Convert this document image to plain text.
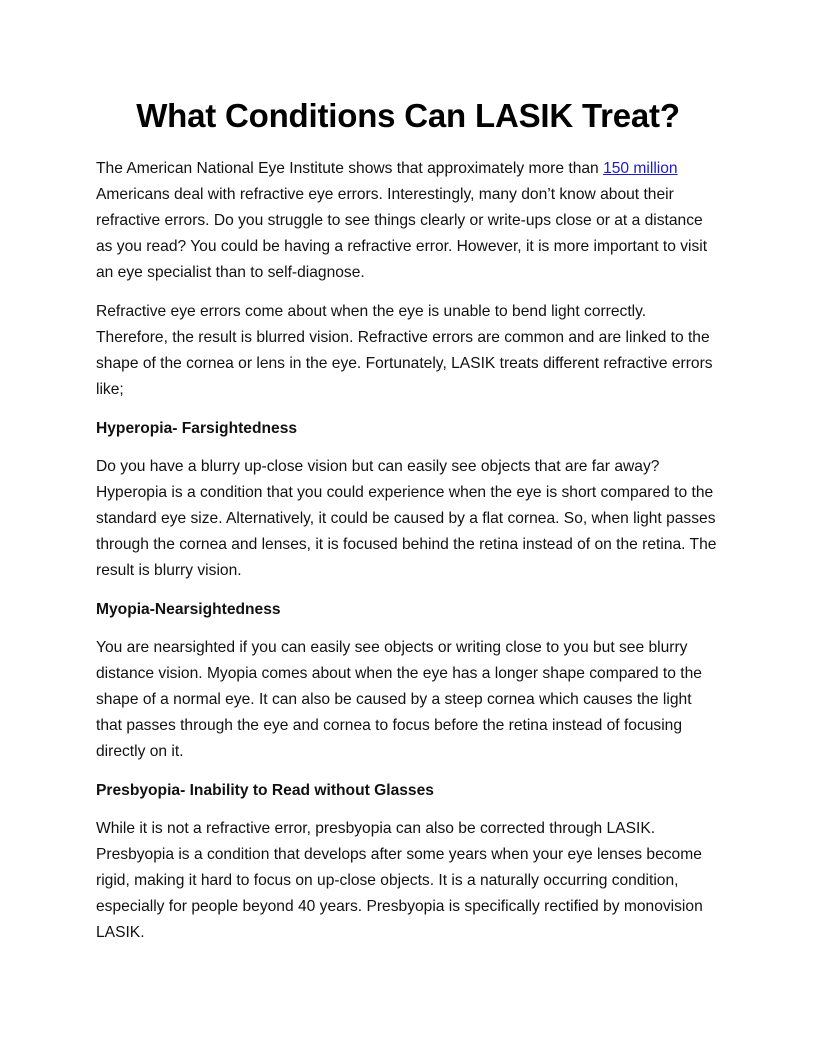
What Conditions Can LASIK Treat?

The American National Eye Institute shows that approximately more than 150 million Americans deal with refractive eye errors. Interestingly, many don’t know about their refractive errors. Do you struggle to see things clearly or write-ups close or at a distance as you read? You could be having a refractive error. However, it is more important to visit an eye specialist than to self-diagnose.

Refractive eye errors come about when the eye is unable to bend light correctly. Therefore, the result is blurred vision. Refractive errors are common and are linked to the shape of the cornea or lens in the eye. Fortunately, LASIK treats different refractive errors like;

Hyperopia- Farsightedness

Do you have a blurry up-close vision but can easily see objects that are far away? Hyperopia is a condition that you could experience when the eye is short compared to the standard eye size. Alternatively, it could be caused by a flat cornea. So, when light passes through the cornea and lenses, it is focused behind the retina instead of on the retina. The result is blurry vision.

Myopia-Nearsightedness

You are nearsighted if you can easily see objects or writing close to you but see blurry distance vision. Myopia comes about when the eye has a longer shape compared to the shape of a normal eye. It can also be caused by a steep cornea which causes the light that passes through the eye and cornea to focus before the retina instead of focusing directly on it.

Presbyopia- Inability to Read without Glasses

While it is not a refractive error, presbyopia can also be corrected through LASIK. Presbyopia is a condition that develops after some years when your eye lenses become rigid, making it hard to focus on up-close objects. It is a naturally occurring condition, especially for people beyond 40 years. Presbyopia is specifically rectified by monovision LASIK.
